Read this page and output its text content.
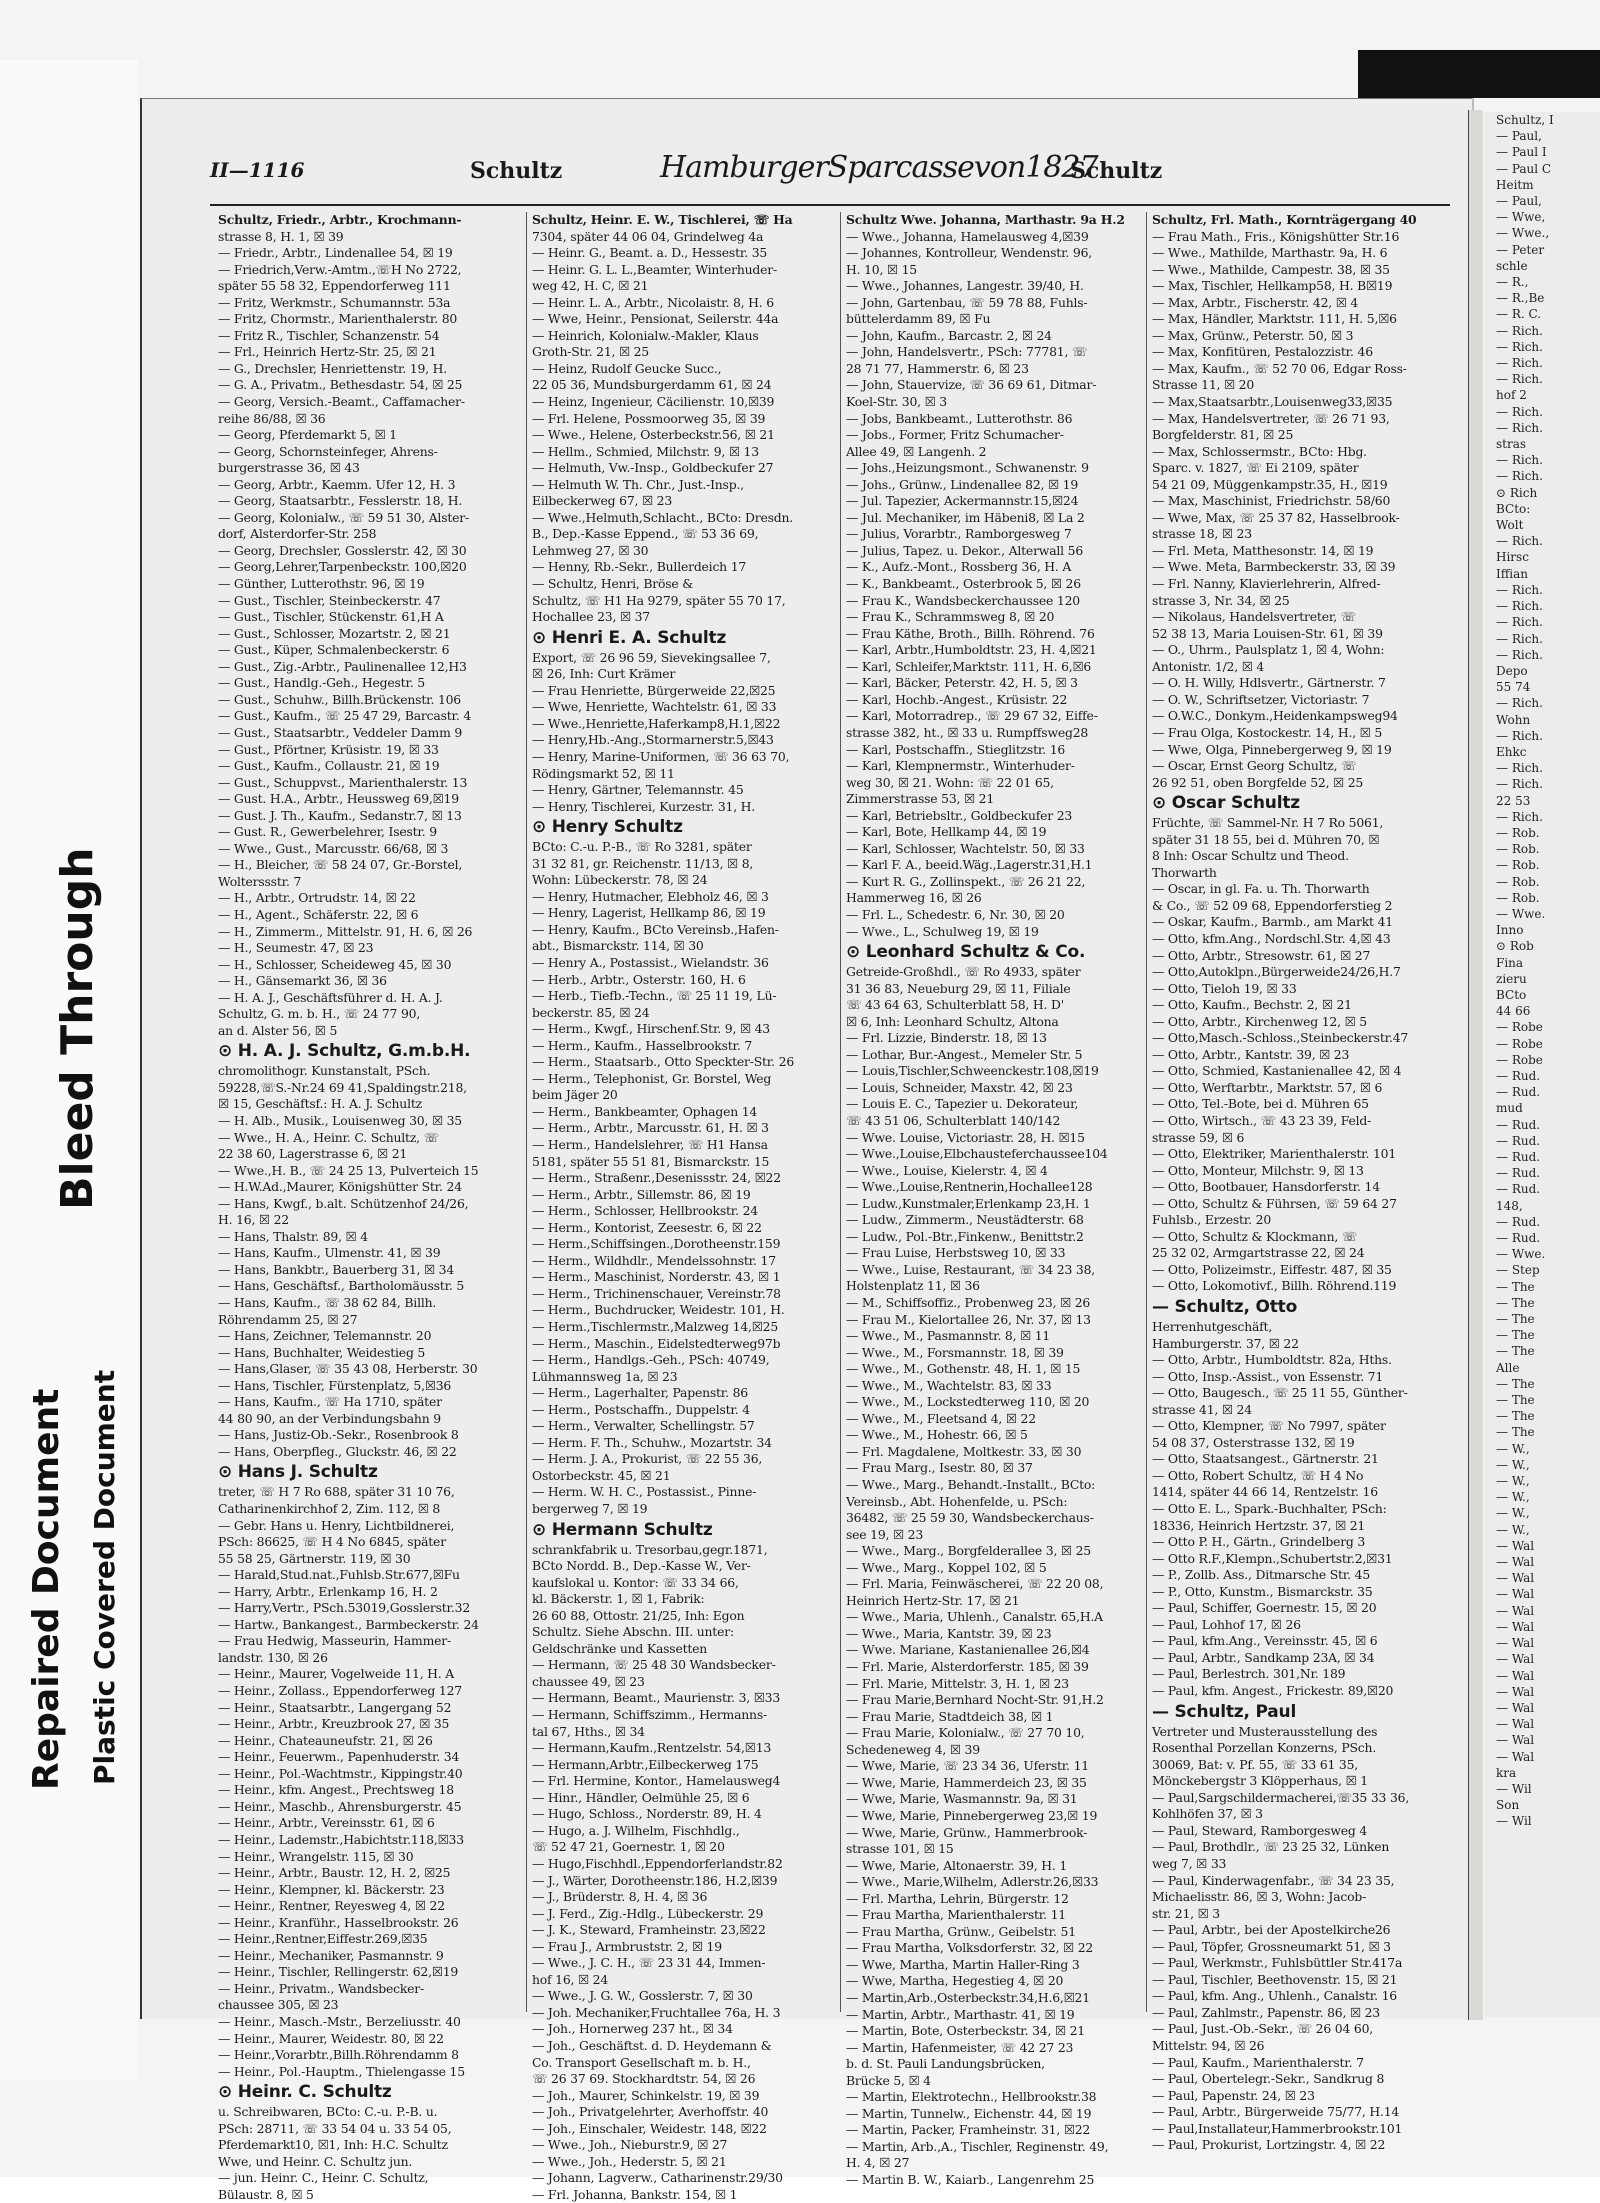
Repaired Document Plastic Covered Document
Bleed Through
Schultz, I
— Paul,
— Paul I
— Paul C
Heitm
— Paul,
— Wwe,
— Wwe.,
— Peter
schle
— R.,
— R.,Be
— R. C.
— Rich.
— Rich.
— Rich.
— Rich.
hof 2
— Rich.
— Rich.
stras
— Rich.
— Rich.
⊙ Rich
BCto:
Wolt
— Rich.
Hirsc
Iffian
— Rich.
— Rich.
— Rich.
— Rich.
— Rich.
Depo
55 74
— Rich.
Wohn
— Rich.
Ehkc
— Rich.
— Rich.
22 53
— Rich.
— Rob.
— Rob.
— Rob.
— Rob.
— Rob.
— Wwe.
Inno
⊙ Rob
Fina
zieru
BCto
44 66
— Robe
— Robe
— Robe
— Rud.
— Rud.
mud
— Rud.
— Rud.
— Rud.
— Rud.
— Rud.
148,
— Rud.
— Rud.
— Wwe.
— Step
— The
— The
— The
— The
— The
Alle
— The
— The
— The
— The
— W.,
— W.,
— W.,
— W.,
— W.,
— W.,
— Wal
— Wal
— Wal
— Wal
— Wal
— Wal
— Wal
— Wal
— Wal
— Wal
— Wal
— Wal
— Wal
— Wal
kra
— Wil
Son
— Wil
II—1116	Schultz	HamburgerSparcassevon1827
Schultz
Schultz, Friedr., Arbtr., Krochmann-
strasse 8, H. 1, ☒ 39
— Friedr., Arbtr., Lindenallee 54, ☒ 19
— Friedrich,Verw.-Amtm.,☏H No 2722,
später 55 58 32, Eppendorferweg 111
— Fritz, Werkmstr., Schumannstr. 53a
— Fritz, Chormstr., Marienthalerstr. 80
— Fritz R., Tischler, Schanzenstr. 54
— Frl., Heinrich Hertz-Str. 25, ☒ 21
— G., Drechsler, Henriettenstr. 19, H.
— G. A., Privatm., Bethesdastr. 54, ☒ 25
— Georg, Versich.-Beamt., Caffamacher-
reihe 86/88, ☒ 36
— Georg, Pferdemarkt 5, ☒ 1
— Georg, Schornsteinfeger, Ahrens-
burgerstrasse 36, ☒ 43
— Georg, Arbtr., Kaemm. Ufer 12, H. 3
— Georg, Staatsarbtr., Fesslerstr. 18, H.
— Georg, Kolonialw., ☏ 59 51 30, Alster-
dorf, Alsterdorfer-Str. 258
— Georg, Drechsler, Gosslerstr. 42, ☒ 30
— Georg,Lehrer,Tarpenbeckstr. 100,☒20
— Günther, Lutterothstr. 96, ☒ 19
— Gust., Tischler, Steinbeckerstr. 47
— Gust., Tischler, Stückenstr. 61,H A
— Gust., Schlosser, Mozartstr. 2, ☒ 21
— Gust., Küper, Schmalenbeckerstr. 6
— Gust., Zig.-Arbtr., Paulinenallee 12,H3
— Gust., Handlg.-Geh., Hegestr. 5
— Gust., Schuhw., Billh.Brückenstr. 106
— Gust., Kaufm., ☏ 25 47 29, Barcastr. 4
— Gust., Staatsarbtr., Veddeler Damm 9
— Gust., Pförtner, Krüsistr. 19, ☒ 33
— Gust., Kaufm., Collaustr. 21, ☒ 19
— Gust., Schuppvst., Marienthalerstr. 13
— Gust. H.A., Arbtr., Heussweg 69,☒19
— Gust. J. Th., Kaufm., Sedanstr.7, ☒ 13
— Gust. R., Gewerbelehrer, Isestr. 9
— Wwe., Gust., Marcusstr. 66/68, ☒ 3
— H., Bleicher, ☏ 58 24 07, Gr.-Borstel,
Wolterssstr. 7
— H., Arbtr., Ortrudstr. 14, ☒ 22
— H., Agent., Schäferstr. 22, ☒ 6
— H., Zimmerm., Mittelstr. 91, H. 6, ☒ 26
— H., Seumestr. 47, ☒ 23
— H., Schlosser, Scheideweg 45, ☒ 30
— H., Gänsemarkt 36, ☒ 36
— H. A. J., Geschäftsführer d. H. A. J.
Schultz, G. m. b. H., ☏ 24 77 90,
an d. Alster 56, ☒ 5
⊙ H. A. J. Schultz, G.m.b.H.
chromolithogr. Kunstanstalt, PSch.
59228,☏S.-Nr.24 69 41,Spaldingstr.218,
☒ 15, Geschäftsf.: H. A. J. Schultz
— H. Alb., Musik., Louisenweg 30, ☒ 35
— Wwe., H. A., Heinr. C. Schultz, ☏
22 38 60, Lagerstrasse 6, ☒ 21
— Wwe.,H. B., ☏ 24 25 13, Pulverteich 15
— H.W.Ad.,Maurer, Königshütter Str. 24
— Hans, Kwgf., b.alt. Schützenhof 24/26,
H. 16, ☒ 22
— Hans, Thalstr. 89, ☒ 4
— Hans, Kaufm., Ulmenstr. 41, ☒ 39
— Hans, Bankbtr., Bauerberg 31, ☒ 34
— Hans, Geschäftsf., Bartholomäusstr. 5
— Hans, Kaufm., ☏ 38 62 84, Billh.
Röhrendamm 25, ☒ 27
— Hans, Zeichner, Telemannstr. 20
— Hans, Buchhalter, Weidestieg 5
— Hans,Glaser, ☏ 35 43 08, Herberstr. 30
— Hans, Tischler, Fürstenplatz, 5,☒36
— Hans, Kaufm., ☏ Ha 1710, später
44 80 90, an der Verbindungsbahn 9
— Hans, Justiz-Ob.-Sekr., Rosenbrook 8
— Hans, Oberpfleg., Gluckstr. 46, ☒ 22
⊙ Hans J. Schultz
treter, ☏ H 7 Ro 688, später 31 10 76,
Catharinenkirchhof 2, Zim. 112, ☒ 8
— Gebr. Hans u. Henry, Lichtbildnerei,
PSch: 86625, ☏ H 4 No 6845, später
55 58 25, Gärtnerstr. 119, ☒ 30
— Harald,Stud.nat.,Fuhlsb.Str.677,☒Fu
— Harry, Arbtr., Erlenkamp 16, H. 2
— Harry,Vertr., PSch.53019,Gosslerstr.32
— Hartw., Bankangest., Barmbeckerstr. 24
— Frau Hedwig, Masseurin, Hammer-
landstr. 130, ☒ 26
— Heinr., Maurer, Vogelweide 11, H. A
— Heinr., Zollass., Eppendorferweg 127
— Heinr., Staatsarbtr., Langergang 52
— Heinr., Arbtr., Kreuzbrook 27, ☒ 35
— Heinr., Chateauneufstr. 21, ☒ 26
— Heinr., Feuerwm., Papenhuderstr. 34
— Heinr., Pol.-Wachtmstr., Kippingstr.40
— Heinr., kfm. Angest., Prechtsweg 18
— Heinr., Maschb., Ahrensburgerstr. 45
— Heinr., Arbtr., Vereinsstr. 61, ☒ 6
— Heinr., Lademstr.,Habichtstr.118,☒33
— Heinr., Wrangelstr. 115, ☒ 30
— Heinr., Arbtr., Baustr. 12, H. 2, ☒25
— Heinr., Klempner, kl. Bäckerstr. 23
— Heinr., Rentner, Reyesweg 4, ☒ 22
— Heinr., Kranführ., Hasselbrookstr. 26
— Heinr.,Rentner,Eiffestr.269,☒35
— Heinr., Mechaniker, Pasmannstr. 9
— Heinr., Tischler, Rellingerstr. 62,☒19
— Heinr., Privatm., Wandsbecker-
chaussee 305, ☒ 23
— Heinr., Masch.-Mstr., Berzeliusstr. 40
— Heinr., Maurer, Weidestr. 80, ☒ 22
— Heinr.,Vorarbtr.,Billh.Röhrendamm 8
— Heinr., Pol.-Hauptm., Thielengasse 15
⊙ Heinr. C. Schultz
u. Schreibwaren, BCto: C.-u. P.-B. u.
PSch: 28711, ☏ 33 54 04 u. 33 54 05,
Pferdemarkt10, ☒1, Inh: H.C. Schultz
Wwe, und Heinr. C. Schultz jun.
— jun. Heinr. C., Heinr. C. Schultz,
Bülaustr. 8, ☒ 5
Schultz, Heinr. E. W., Tischlerei, ☏ Ha
7304, später 44 06 04, Grindelweg 4a
— Heinr. G., Beamt. a. D., Hessestr. 35
— Heinr. G. L. L.,Beamter, Winterhuder-
weg 42, H. C, ☒ 21
— Heinr. L. A., Arbtr., Nicolaistr. 8, H. 6
— Wwe, Heinr., Pensionat, Seilerstr. 44a
— Heinrich, Kolonialw.-Makler, Klaus
Groth-Str. 21, ☒ 25
— Heinz, Rudolf Geucke Succ.,
22 05 36, Mundsburgerdamm 61, ☒ 24
— Heinz, Ingenieur, Cäcilienstr. 10,☒39
— Frl. Helene, Possmoorweg 35, ☒ 39
— Wwe., Helene, Osterbeckstr.56, ☒ 21
— Hellm., Schmied, Milchstr. 9, ☒ 13
— Helmuth, Vw.-Insp., Goldbeckufer 27
— Helmuth W. Th. Chr., Just.-Insp.,
Eilbeckerweg 67, ☒ 23
— Wwe.,Helmuth,Schlacht., BCto: Dresdn.
B., Dep.-Kasse Eppend., ☏ 53 36 69,
Lehmweg 27, ☒ 30
— Henny, Rb.-Sekr., Bullerdeich 17
— Schultz, Henri, Bröse &
Schultz, ☏ H1 Ha 9279, später 55 70 17,
Hochallee 23, ☒ 37
⊙ Henri E. A. Schultz
Export, ☏ 26 96 59, Sievekingsallee 7,
☒ 26, Inh: Curt Krämer
— Frau Henriette, Bürgerweide 22,☒25
— Wwe, Henriette, Wachtelstr. 61, ☒ 33
— Wwe.,Henriette,Haferkamp8,H.1,☒22
— Henry,Hb.-Ang.,Stormarnerstr.5,☒43
— Henry, Marine-Uniformen, ☏ 36 63 70,
Rödingsmarkt 52, ☒ 11
— Henry, Gärtner, Telemannstr. 45
— Henry, Tischlerei, Kurzestr. 31, H.
⊙ Henry Schultz
BCto: C.-u. P.-B., ☏ Ro 3281, später
31 32 81, gr. Reichenstr. 11/13, ☒ 8,
Wohn: Lübeckerstr. 78, ☒ 24
— Henry, Hutmacher, Elebholz 46, ☒ 3
— Henry, Lagerist, Hellkamp 86, ☒ 19
— Henry, Kaufm., BCto Vereinsb.,Hafen-
abt., Bismarckstr. 114, ☒ 30
— Henry A., Postassist., Wielandstr. 36
— Herb., Arbtr., Osterstr. 160, H. 6
— Herb., Tiefb.-Techn., ☏ 25 11 19, Lü-
beckerstr. 85, ☒ 24
— Herm., Kwgf., Hirschenf.Str. 9, ☒ 43
— Herm., Kaufm., Hasselbrookstr. 7
— Herm., Staatsarb., Otto Speckter-Str. 26
— Herm., Telephonist, Gr. Borstel, Weg
beim Jäger 20
— Herm., Bankbeamter, Ophagen 14
— Herm., Arbtr., Marcusstr. 61, H. ☒ 3
— Herm., Handelslehrer, ☏ H1 Hansa
5181, später 55 51 81, Bismarckstr. 15
— Herm., Straßenr.,Desenissstr. 24, ☒22
— Herm., Arbtr., Sillemstr. 86, ☒ 19
— Herm., Schlosser, Hellbrookstr. 24
— Herm., Kontorist, Zeesestr. 6, ☒ 22
— Herm.,Schiffsingen.,Dorotheenstr.159
— Herm., Wildhdlr., Mendelssohnstr. 17
— Herm., Maschinist, Norderstr. 43, ☒ 1
— Herm., Trichinenschauer, Vereinstr.78
— Herm., Buchdrucker, Weidestr. 101, H.
— Herm.,Tischlermstr.,Malzweg 14,☒25
— Herm., Maschin., Eidelstedterweg97b
— Herm., Handlgs.-Geh., PSch: 40749,
Lühmannsweg 1a, ☒ 23
— Herm., Lagerhalter, Papenstr. 86
— Herm., Postschaffn., Duppelstr. 4
— Herm., Verwalter, Schellingstr. 57
— Herm. F. Th., Schuhw., Mozartstr. 34
— Herm. J. A., Prokurist, ☏ 22 55 36,
Ostorbeckstr. 45, ☒ 21
— Herm. W. H. C., Postassist., Pinne-
bergerweg 7, ☒ 19
⊙ Hermann Schultz
schrankfabrik u. Tresorbau,gegr.1871,
BCto Nordd. B., Dep.-Kasse W., Ver-
kaufslokal u. Kontor: ☏ 33 34 66,
kl. Bäckerstr. 1, ☒ 1, Fabrik:
26 60 88, Ottostr. 21/25, Inh: Egon
Schultz. Siehe Abschn. III. unter:
Geldschränke und Kassetten
— Hermann, ☏ 25 48 30 Wandsbecker-
chaussee 49, ☒ 23
— Hermann, Beamt., Maurienstr. 3, ☒33
— Hermann, Schiffszimm., Hermanns-
tal 67, Hths., ☒ 34
— Hermann,Kaufm.,Rentzelstr. 54,☒13
— Hermann,Arbtr.,Eilbeckerweg 175
— Frl. Hermine, Kontor., Hamelausweg4
— Hinr., Händler, Oelmühle 25, ☒ 6
— Hugo, Schloss., Norderstr. 89, H. 4
— Hugo, a. J. Wilhelm, Fischhdlg.,
☏ 52 47 21, Goernestr. 1, ☒ 20
— Hugo,Fischhdl.,Eppendorferlandstr.82
— J., Wärter, Dorotheenstr.186, H.2,☒39
— J., Brüderstr. 8, H. 4, ☒ 36
— J. Ferd., Zig.-Hdlg., Lübeckerstr. 29
— J. K., Steward, Framheinstr. 23,☒22
— Frau J., Armbruststr. 2, ☒ 19
— Wwe., J. C. H., ☏ 23 31 44, Immen-
hof 16, ☒ 24
— Wwe., J. G. W., Gosslerstr. 7, ☒ 30
— Joh. Mechaniker,Fruchtallee 76a, H. 3
— Joh., Hornerweg 237 ht., ☒ 34
— Joh., Geschäftst. d. D. Heydemann &
Co. Transport Gesellschaft m. b. H.,
☏ 26 37 69. Stockhardtstr. 54, ☒ 26
— Joh., Maurer, Schinkelstr. 19, ☒ 39
— Joh., Privatgelehrter, Averhoffstr. 40
— Joh., Einschaler, Weidestr. 148, ☒22
— Wwe., Joh., Nieburstr.9, ☒ 27
— Wwe., Joh., Hederstr. 5, ☒ 21
— Johann, Lagverw., Catharinenstr.29/30
— Frl. Johanna, Bankstr. 154, ☒ 1
Schultz Wwe. Johanna, Marthastr. 9a H.2
— Wwe., Johanna, Hamelausweg 4,☒39
— Johannes, Kontrolleur, Wendenstr. 96,
H. 10, ☒ 15
— Wwe., Johannes, Langestr. 39/40, H.
— John, Gartenbau, ☏ 59 78 88, Fuhls-
büttelerdamm 89, ☒ Fu
— John, Kaufm., Barcastr. 2, ☒ 24
— John, Handelsvertr., PSch: 77781, ☏
28 71 77, Hammerstr. 6, ☒ 23
— John, Stauervize, ☏ 36 69 61, Ditmar-
Koel-Str. 30, ☒ 3
— Jobs, Bankbeamt., Lutterothstr. 86
— Jobs., Former, Fritz Schumacher-
Allee 49, ☒ Langenh. 2
— Johs.,Heizungsmont., Schwanenstr. 9
— Johs., Grünw., Lindenallee 82, ☒ 19
— Jul. Tapezier, Ackermannstr.15,☒24
— Jul. Mechaniker, im Häbeni8, ☒ La 2
— Julius, Vorarbtr., Ramborgesweg 7
— Julius, Tapez. u. Dekor., Alterwall 56
— K., Aufz.-Mont., Rossberg 36, H. A
— K., Bankbeamt., Osterbrook 5, ☒ 26
— Frau K., Wandsbeckerchaussee 120
— Frau K., Schrammsweg 8, ☒ 20
— Frau Käthe, Broth., Billh. Röhrend. 76
— Karl, Arbtr.,Humboldtstr. 23, H. 4,☒21
— Karl, Schleifer,Marktstr. 111, H. 6,☒6
— Karl, Bäcker, Peterstr. 42, H. 5, ☒ 3
— Karl, Hochb.-Angest., Krüsistr. 22
— Karl, Motorradrep., ☏ 29 67 32, Eiffe-
strasse 382, ht., ☒ 33 u. Rumpffsweg28
— Karl, Postschaffn., Stieglitzstr. 16
— Karl, Klempnermstr., Winterhuder-
weg 30, ☒ 21. Wohn: ☏ 22 01 65,
Zimmerstrasse 53, ☒ 21
— Karl, Betriebsltr., Goldbeckufer 23
— Karl, Bote, Hellkamp 44, ☒ 19
— Karl, Schlosser, Wachtelstr. 50, ☒ 33
— Karl F. A., beeid.Wäg.,Lagerstr.31,H.1
— Kurt R. G., Zollinspekt., ☏ 26 21 22,
Hammerweg 16, ☒ 26
— Frl. L., Schedestr. 6, Nr. 30, ☒ 20
— Wwe., L., Schulweg 19, ☒ 19
⊙ Leonhard Schultz & Co.
Getreide-Großhdl., ☏ Ro 4933, später
31 36 83, Neueburg 29, ☒ 11, Filiale
☏ 43 64 63, Schulterblatt 58, H. D'
☒ 6, Inh: Leonhard Schultz, Altona
— Frl. Lizzie, Binderstr. 18, ☒ 13
— Lothar, Bur.-Angest., Memeler Str. 5
— Louis,Tischler,Schweenckestr.108,☒19
— Louis, Schneider, Maxstr. 42, ☒ 23
— Louis E. C., Tapezier u. Dekorateur,
☏ 43 51 06, Schulterblatt 140/142
— Wwe. Louise, Victoriastr. 28, H. ☒15
— Wwe.,Louise,Elbchausteferchaussee104
— Wwe., Louise, Kielerstr. 4, ☒ 4
— Wwe.,Louise,Rentnerin,Hochallee128
— Ludw.,Kunstmaler,Erlenkamp 23,H. 1
— Ludw., Zimmerm., Neustädterstr. 68
— Ludw., Pol.-Btr.,Finkenw., Benittstr.2
— Frau Luise, Herbstsweg 10, ☒ 33
— Wwe., Luise, Restaurant, ☏ 34 23 38,
Holstenplatz 11, ☒ 36
— M., Schiffsoffiz., Probenweg 23, ☒ 26
— Frau M., Kielortallee 26, Nr. 37, ☒ 13
— Wwe., M., Pasmannstr. 8, ☒ 11
— Wwe., M., Forsmannstr. 18, ☒ 39
— Wwe., M., Gothenstr. 48, H. 1, ☒ 15
— Wwe., M., Wachtelstr. 83, ☒ 33
— Wwe., M., Lockstedterweg 110, ☒ 20
— Wwe., M., Fleetsand 4, ☒ 22
— Wwe., M., Hohestr. 66, ☒ 5
— Frl. Magdalene, Moltkestr. 33, ☒ 30
— Frau Marg., Isestr. 80, ☒ 37
— Wwe., Marg., Behandt.-Installt., BCto:
Vereinsb., Abt. Hohenfelde, u. PSch:
36482, ☏ 25 59 30, Wandsbeckerchaus-
see 19, ☒ 23
— Wwe., Marg., Borgfelderallee 3, ☒ 25
— Wwe., Marg., Koppel 102, ☒ 5
— Frl. Maria, Feinwäscherei, ☏ 22 20 08,
Heinrich Hertz-Str. 17, ☒ 21
— Wwe., Maria, Uhlenh., Canalstr. 65,H.A
— Wwe., Maria, Kantstr. 39, ☒ 23
— Wwe. Mariane, Kastanienallee 26,☒4
— Frl. Marie, Alsterdorferstr. 185, ☒ 39
— Frl. Marie, Mittelstr. 3, H. 1, ☒ 23
— Frau Marie,Bernhard Nocht-Str. 91,H.2
— Frau Marie, Stadtdeich 38, ☒ 1
— Frau Marie, Kolonialw., ☏ 27 70 10,
Schedeneweg 4, ☒ 39
— Wwe, Marie, ☏ 23 34 36, Uferstr. 11
— Wwe, Marie, Hammerdeich 23, ☒ 35
— Wwe, Marie, Wasmannstr. 9a, ☒ 31
— Wwe, Marie, Pinnebergerweg 23,☒ 19
— Wwe, Marie, Grünw., Hammerbrook-
strasse 101, ☒ 15
— Wwe, Marie, Altonaerstr. 39, H. 1
— Wwe., Marie,Wilhelm, Adlerstr.26,☒33
— Frl. Martha, Lehrin, Bürgerstr. 12
— Frau Martha, Marienthalerstr. 11
— Frau Martha, Grünw., Geibelstr. 51
— Frau Martha, Volksdorferstr. 32, ☒ 22
— Wwe, Martha, Martin Haller-Ring 3
— Wwe, Martha, Hegestieg 4, ☒ 20
— Martin,Arb.,Osterbeckstr.34,H.6,☒21
— Martin, Arbtr., Marthastr. 41, ☒ 19
— Martin, Bote, Osterbeckstr. 34, ☒ 21
— Martin, Hafenmeister, ☏ 42 27 23
b. d. St. Pauli Landungsbrücken,
Brücke 5, ☒ 4
— Martin, Elektrotechn., Hellbrookstr.38
— Martin, Tunnelw., Eichenstr. 44, ☒ 19
— Martin, Packer, Framheinstr. 31, ☒22
— Martin, Arb.,A., Tischler, Reginenstr. 49,
H. 4, ☒ 27
— Martin B. W., Kaiarb., Langenrehm 25
Schultz, Frl. Math., Kornträgergang 40
— Frau Math., Fris., Königshütter Str.16
— Wwe., Mathilde, Marthastr. 9a, H. 6
— Wwe., Mathilde, Campestr. 38, ☒ 35
— Max, Tischler, Hellkamp58, H. B☒19
— Max, Arbtr., Fischerstr. 42, ☒ 4
— Max, Händler, Marktstr. 111, H. 5,☒6
— Max, Grünw., Peterstr. 50, ☒ 3
— Max, Konfitüren, Pestalozzistr. 46
— Max, Kaufm., ☏ 52 70 06, Edgar Ross-
Strasse 11, ☒ 20
— Max,Staatsarbtr.,Louisenweg33,☒35
— Max, Handelsvertreter, ☏ 26 71 93,
Borgfelderstr. 81, ☒ 25
— Max, Schlossermstr., BCto: Hbg.
Sparc. v. 1827, ☏ Ei 2109, später
54 21 09, Müggenkampstr.35, H., ☒19
— Max, Maschinist, Friedrichstr. 58/60
— Wwe, Max, ☏ 25 37 82, Hasselbrook-
strasse 18, ☒ 23
— Frl. Meta, Matthesonstr. 14, ☒ 19
— Wwe. Meta, Barmbeckerstr. 33, ☒ 39
— Frl. Nanny, Klavierlehrerin, Alfred-
strasse 3, Nr. 34, ☒ 25
— Nikolaus, Handelsvertreter, ☏
52 38 13, Maria Louisen-Str. 61, ☒ 39
— O., Uhrm., Paulsplatz 1, ☒ 4, Wohn:
Antonistr. 1/2, ☒ 4
— O. H. Willy, Hdlsvertr., Gärtnerstr. 7
— O. W., Schriftsetzer, Victoriastr. 7
— O.W.C., Donkym.,Heidenkampsweg94
— Frau Olga, Kostockestr. 14, H., ☒ 5
— Wwe, Olga, Pinnebergerweg 9, ☒ 19
— Oscar, Ernst Georg Schultz, ☏
26 92 51, oben Borgfelde 52, ☒ 25
⊙ Oscar Schultz
Früchte, ☏ Sammel-Nr. H 7 Ro 5061,
später 31 18 55, bei d. Mühren 70, ☒
8 Inh: Oscar Schultz und Theod.
Thorwarth
— Oscar, in gl. Fa. u. Th. Thorwarth
& Co., ☏ 52 09 68, Eppendorferstieg 2
— Oskar, Kaufm., Barmb., am Markt 41
— Otto, kfm.Ang., Nordschl.Str. 4,☒ 43
— Otto, Arbtr., Stresowstr. 61, ☒ 27
— Otto,Autoklpn.,Bürgerweide24/26,H.7
— Otto, Tieloh 19, ☒ 33
— Otto, Kaufm., Bechstr. 2, ☒ 21
— Otto, Arbtr., Kirchenweg 12, ☒ 5
— Otto,Masch.-Schloss.,Steinbeckerstr.47
— Otto, Arbtr., Kantstr. 39, ☒ 23
— Otto, Schmied, Kastanienallee 42, ☒ 4
— Otto, Werftarbtr., Marktstr. 57, ☒ 6
— Otto, Tel.-Bote, bei d. Mühren 65
— Otto, Wirtsch., ☏ 43 23 39, Feld-
strasse 59, ☒ 6
— Otto, Elektriker, Marienthalerstr. 101
— Otto, Monteur, Milchstr. 9, ☒ 13
— Otto, Bootbauer, Hansdorferstr. 14
— Otto, Schultz & Führsen, ☏ 59 64 27
Fuhlsb., Erzestr. 20
— Otto, Schultz & Klockmann, ☏
25 32 02, Armgartstrasse 22, ☒ 24
— Otto, Polizeimstr., Eiffestr. 487, ☒ 35
— Otto, Lokomotivf., Billh. Röhrend.119
— Schultz, Otto
Herrenhutgeschäft,
Hamburgerstr. 37, ☒ 22
— Otto, Arbtr., Humboldtstr. 82a, Hths.
— Otto, Insp.-Assist., von Essenstr. 71
— Otto, Baugesch., ☏ 25 11 55, Günther-
strasse 41, ☒ 24
— Otto, Klempner, ☏ No 7997, später
54 08 37, Osterstrasse 132, ☒ 19
— Otto, Staatsangest., Gärtnerstr. 21
— Otto, Robert Schultz, ☏ H 4 No
1414, später 44 66 14, Rentzelstr. 16
— Otto E. L., Spark.-Buchhalter, PSch:
18336, Heinrich Hertzstr. 37, ☒ 21
— Otto P. H., Gärtn., Grindelberg 3
— Otto R.F.,Klempn.,Schubertstr.2,☒31
— P., Zollb. Ass., Ditmarsche Str. 45
— P., Otto, Kunstm., Bismarckstr. 35
— Paul, Schiffer, Goernestr. 15, ☒ 20
— Paul, Lohhof 17, ☒ 26
— Paul, kfm.Ang., Vereinsstr. 45, ☒ 6
— Paul, Arbtr., Sandkamp 23A, ☒ 34
— Paul, Berlestrch. 301,Nr. 189
— Paul, kfm. Angest., Frickestr. 89,☒20
— Schultz, Paul
Vertreter und Musterausstellung des
Rosenthal Porzellan Konzerns, PSch.
30069, Bat: v. Pf. 55, ☏ 33 61 35,
Mönckebergstr 3 Klöpperhaus, ☒ 1
— Paul,Sargschildermacherei,☏35 33 36,
Kohlhöfen 37, ☒ 3
— Paul, Steward, Ramborgesweg 4
— Paul, Brothdlr., ☏ 23 25 32, Lünken
weg 7, ☒ 33
— Paul, Kinderwagenfabr., ☏ 34 23 35,
Michaelisstr. 86, ☒ 3, Wohn: Jacob-
str. 21, ☒ 3
— Paul, Arbtr., bei der Apostelkirche26
— Paul, Töpfer, Grossneumarkt 51, ☒ 3
— Paul, Werkmstr., Fuhlsbüttler Str.417a
— Paul, Tischler, Beethovenstr. 15, ☒ 21
— Paul, kfm. Ang., Uhlenh., Canalstr. 16
— Paul, Zahlmstr., Papenstr. 86, ☒ 23
— Paul, Just.-Ob.-Sekr., ☏ 26 04 60,
Mittelstr. 94, ☒ 26
— Paul, Kaufm., Marienthalerstr. 7
— Paul, Obertelegr.-Sekr., Sandkrug 8
— Paul, Papenstr. 24, ☒ 23
— Paul, Arbtr., Bürgerweide 75/77, H.14
— Paul,Installateur,Hammerbrookstr.101
— Paul, Prokurist, Lortzingstr. 4, ☒ 22
